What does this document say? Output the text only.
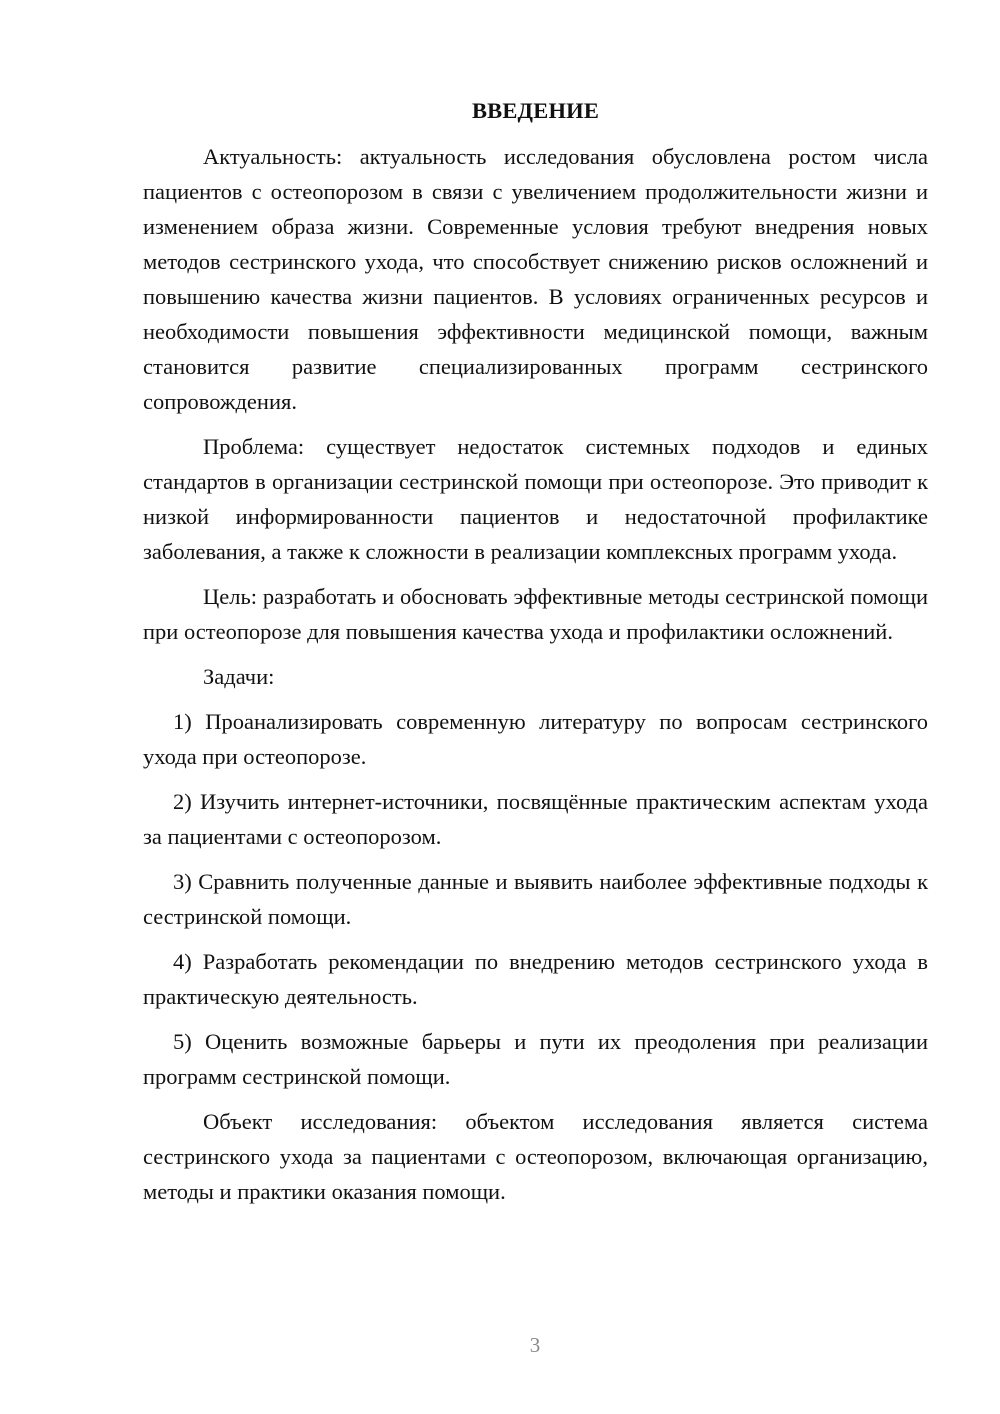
ВВЕДЕНИЕ
Актуальность: актуальность исследования обусловлена ростом числа пациентов с остеопорозом в связи с увеличением продолжительности жизни и изменением образа жизни. Современные условия требуют внедрения новых методов сестринского ухода, что способствует снижению рисков осложнений и повышению качества жизни пациентов. В условиях ограниченных ресурсов и необходимости повышения эффективности медицинской помощи, важным становится развитие специализированных программ сестринского сопровождения.
Проблема: существует недостаток системных подходов и единых стандартов в организации сестринской помощи при остеопорозе. Это приводит к низкой информированности пациентов и недостаточной профилактике заболевания, а также к сложности в реализации комплексных программ ухода.
Цель: разработать и обосновать эффективные методы сестринской помощи при остеопорозе для повышения качества ухода и профилактики осложнений.
Задачи:
1) Проанализировать современную литературу по вопросам сестринского ухода при остеопорозе.
2) Изучить интернет-источники, посвящённые практическим аспектам ухода за пациентами с остеопорозом.
3) Сравнить полученные данные и выявить наиболее эффективные подходы к сестринской помощи.
4) Разработать рекомендации по внедрению методов сестринского ухода в практическую деятельность.
5) Оценить возможные барьеры и пути их преодоления при реализации программ сестринской помощи.
Объект исследования: объектом исследования является система сестринского ухода за пациентами с остеопорозом, включающая организацию, методы и практики оказания помощи.
3
